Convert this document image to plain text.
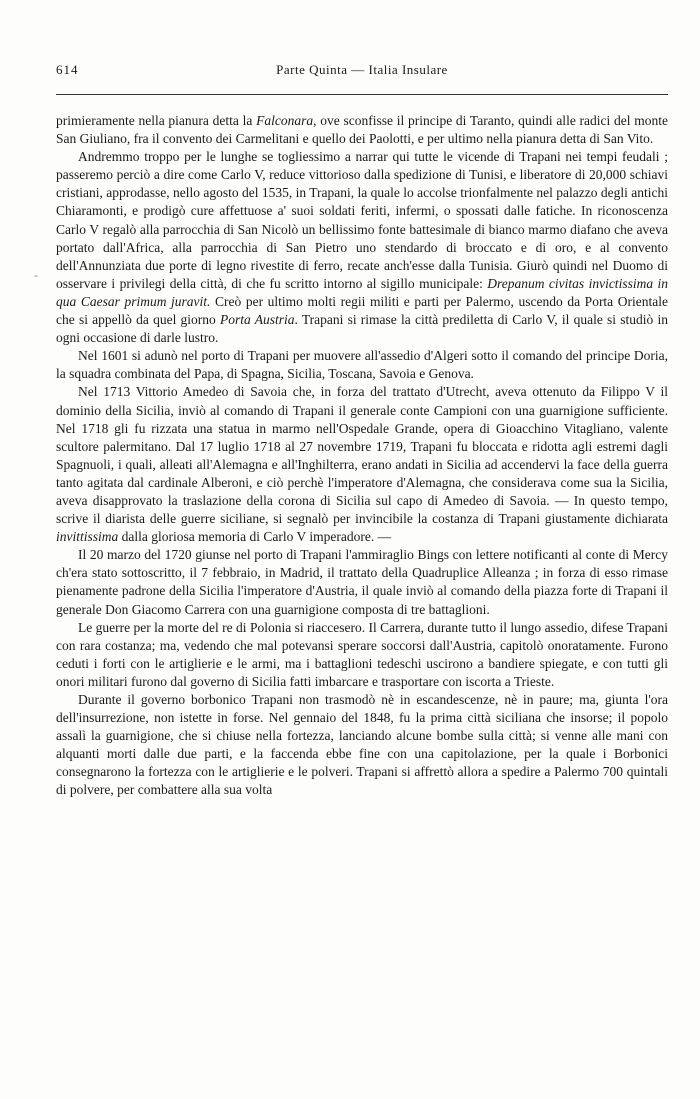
614	Parte Quinta — Italia Insulare
-

primieramente nella pianura detta la Falconara, ove sconfisse il principe di Taranto, quindi alle radici del monte San Giuliano, fra il convento dei Carmelitani e quello dei Paolotti, e per ultimo nella pianura detta di San Vito.

Andremmo troppo per le lunghe se togliessimo a narrar qui tutte le vicende di Trapani nei tempi feudali ; passeremo perciò a dire come Carlo V, reduce vittorioso dalla spedizione di Tunisi, e liberatore di 20,000 schiavi cristiani, approdasse, nello agosto del 1535, in Trapani, la quale lo accolse trionfalmente nel palazzo degli antichi Chiaramonti, e prodigò cure affettuose a' suoi soldati feriti, infermi, o spossati dalle fatiche. In riconoscenza Carlo V regalò alla parrocchia di San Nicolò un bellissimo fonte battesimale di bianco marmo diafano che aveva portato dall'Africa, alla parrocchia di San Pietro uno stendardo di broccato e di oro, e al convento dell'Annunziata due porte di legno rivestite di ferro, recate anch'esse dalla Tunisia. Giurò quindi nel Duomo di osservare i privilegi della città, di che fu scritto intorno al sigillo municipale: Drepanum civitas invictissima in qua Caesar primum juravit. Creò per ultimo molti regii militi e parti per Palermo, uscendo da Porta Orientale che si appellò da quel giorno Porta Austria. Trapani si rimase la città prediletta di Carlo V, il quale si studiò in ogni occasione di darle lustro.

Nel 1601 si adunò nel porto di Trapani per muovere all'assedio d'Algeri sotto il comando del principe Doria, la squadra combinata del Papa, di Spagna, Sicilia, Toscana, Savoia e Genova.

Nel 1713 Vittorio Amedeo di Savoia che, in forza del trattato d'Utrecht, aveva ottenuto da Filippo V il dominio della Sicilia, inviò al comando di Trapani il generale conte Campioni con una guarnigione sufficiente. Nel 1718 gli fu rizzata una statua in marmo nell'Ospedale Grande, opera di Gioacchino Vitagliano, valente scultore palermitano. Dal 17 luglio 1718 al 27 novembre 1719, Trapani fu bloccata e ridotta agli estremi dagli Spagnuoli, i quali, alleati all'Alemagna e all'Inghilterra, erano andati in Sicilia ad accendervi la face della guerra tanto agitata dal cardinale Alberoni, e ciò perchè l'imperatore d'Alemagna, che considerava come sua la Sicilia, aveva disapprovato la traslazione della corona di Sicilia sul capo di Amedeo di Savoia. — In questo tempo, scrive il diarista delle guerre siciliane, si segnalò per invincibile la costanza di Trapani giustamente dichiarata invittissima dalla gloriosa memoria di Carlo V imperadore. —

Il 20 marzo del 1720 giunse nel porto di Trapani l'ammiraglio Bings con lettere notificanti al conte di Mercy ch'era stato sottoscritto, il 7 febbraio, in Madrid, il trattato della Quadruplice Alleanza ; in forza di esso rimase pienamente padrone della Sicilia l'imperatore d'Austria, il quale inviò al comando della piazza forte di Trapani il generale Don Giacomo Carrera con una guarnigione composta di tre battaglioni.

Le guerre per la morte del re di Polonia si riaccesero. Il Carrera, durante tutto il lungo assedio, difese Trapani con rara costanza; ma, vedendo che mal potevansi sperare soccorsi dall'Austria, capitolò onoratamente. Furono ceduti i forti con le artiglierie e le armi, ma i battaglioni tedeschi uscirono a bandiere spiegate, e con tutti gli onori militari furono dal governo di Sicilia fatti imbarcare e trasportare con iscorta a Trieste.

Durante il governo borbonico Trapani non trasmodò nè in escandescenze, nè in paure; ma, giunta l'ora dell'insurrezione, non istette in forse. Nel gennaio del 1848, fu la prima città siciliana che insorse; il popolo assalì la guarnigione, che si chiuse nella fortezza, lanciando alcune bombe sulla città; si venne alle mani con alquanti morti dalle due parti, e la faccenda ebbe fine con una capitolazione, per la quale i Borbonici consegnarono la fortezza con le artiglierie e le polveri. Trapani si affrettò allora a spedire a Palermo 700 quintali di polvere, per combattere alla sua volta
